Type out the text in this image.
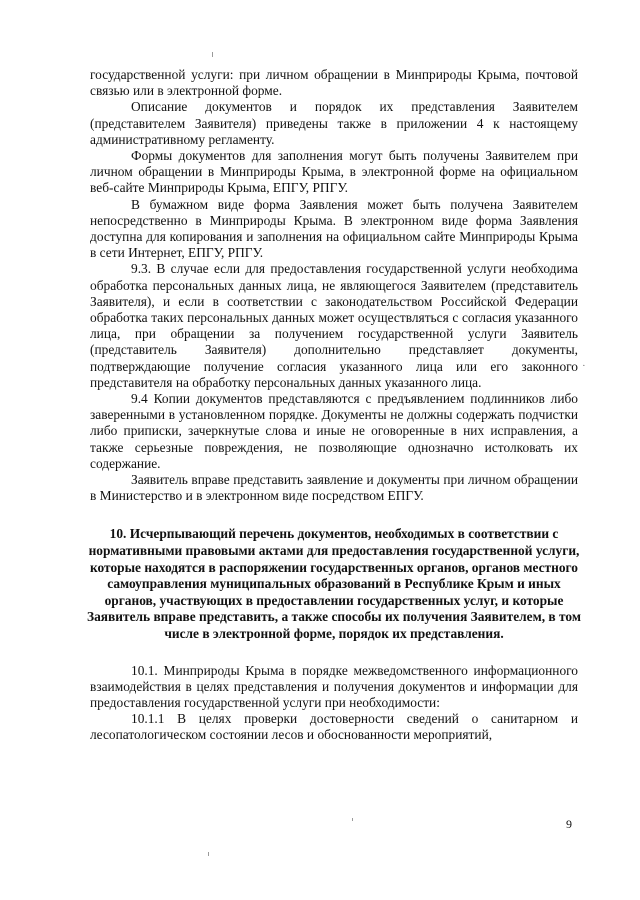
государственной услуги: при личном обращении в Минприроды Крыма, почтовой связью или в электронной форме.

Описание документов и порядок их представления Заявителем (представителем Заявителя) приведены также в приложении 4 к настоящему административному регламенту.

Формы документов для заполнения могут быть получены Заявителем при личном обращении в Минприроды Крыма, в электронной форме на официальном веб-сайте Минприроды Крыма, ЕПГУ, РПГУ.

В бумажном виде форма Заявления может быть получена Заявителем непосредственно в Минприроды Крыма. В электронном виде форма Заявления доступна для копирования и заполнения на официальном сайте Минприроды Крыма в сети Интернет, ЕПГУ, РПГУ.

9.3. В случае если для предоставления государственной услуги необходима обработка персональных данных лица, не являющегося Заявителем (представитель Заявителя), и если в соответствии с законодательством Российской Федерации обработка таких персональных данных может осуществляться с согласия указанного лица, при обращении за получением государственной услуги Заявитель (представитель Заявителя) дополнительно представляет документы, подтверждающие получение согласия указанного лица или его законного представителя на обработку персональных данных указанного лица.

9.4 Копии документов представляются с предъявлением подлинников либо заверенными в установленном порядке. Документы не должны содержать подчистки либо приписки, зачеркнутые слова и иные не оговоренные в них исправления, а также серьезные повреждения, не позволяющие однозначно истолковать их содержание.

Заявитель вправе представить заявление и документы при личном обращении в Министерство и в электронном виде посредством ЕПГУ.

10. Исчерпывающий перечень документов, необходимых в соответствии с нормативными правовыми актами для предоставления государственной услуги, которые находятся в распоряжении государственных органов, органов местного самоуправления муниципальных образований в Республике Крым и иных органов, участвующих в предоставлении государственных услуг, и которые Заявитель вправе представить, а также способы их получения Заявителем, в том числе в электронной форме, порядок их представления.

10.1. Минприроды Крыма в порядке межведомственного информационного взаимодействия в целях представления и получения документов и информации для предоставления государственной услуги при необходимости:

10.1.1 В целях проверки достоверности сведений о санитарном и лесопатологическом состоянии лесов и обоснованности мероприятий,

9
·
